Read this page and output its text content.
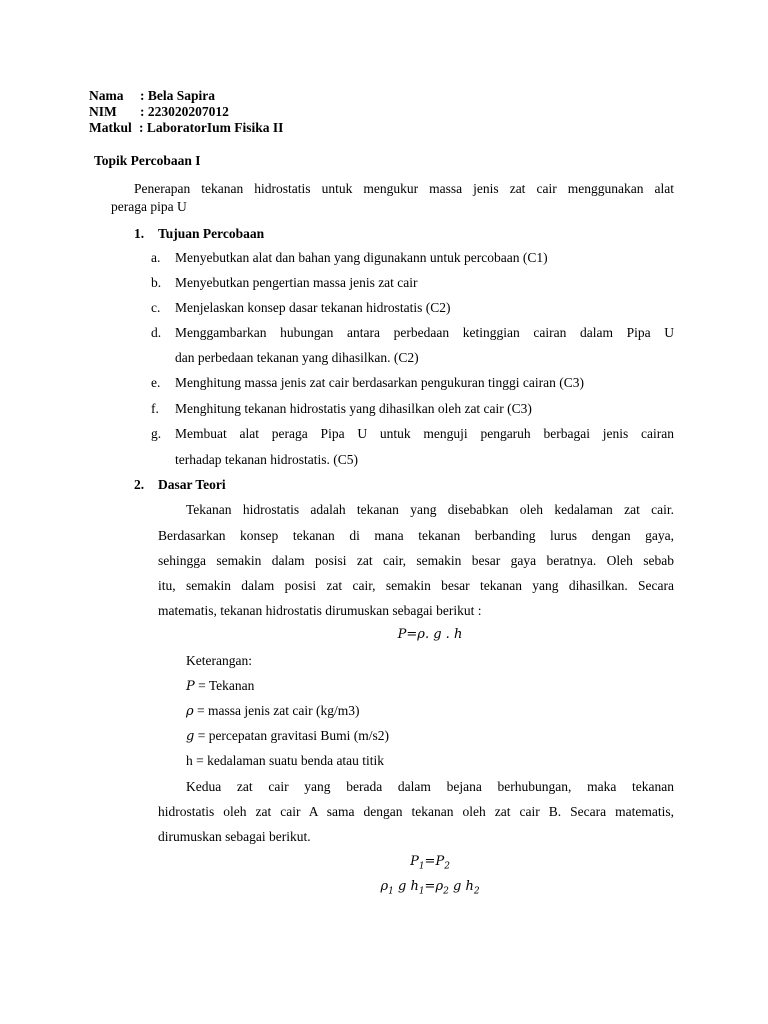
Nama : Bela Sapira
NIM : 223020207012
Matkul : LaboratorIum Fisika II
Topik Percobaan I
Penerapan tekanan hidrostatis untuk mengukur massa jenis zat cair menggunakan alat
peraga pipa U
1. Tujuan Percobaan
a. Menyebutkan alat dan bahan yang digunakann untuk percobaan (C1)
b. Menyebutkan pengertian massa jenis zat cair
c. Menjelaskan konsep dasar tekanan hidrostatis (C2)
d. Menggambarkan hubungan antara perbedaan ketinggian cairan dalam Pipa U
dan perbedaan tekanan yang dihasilkan. (C2)
e. Menghitung massa jenis zat cair berdasarkan pengukuran tinggi cairan (C3)
f. Menghitung tekanan hidrostatis yang dihasilkan oleh zat cair (C3)
g. Membuat alat peraga Pipa U untuk menguji pengaruh berbagai jenis cairan
terhadap tekanan hidrostatis. (C5)
2. Dasar Teori
Tekanan hidrostatis adalah tekanan yang disebabkan oleh kedalaman zat cair.
Berdasarkan konsep tekanan di mana tekanan berbanding lurus dengan gaya,
sehingga semakin dalam posisi zat cair, semakin besar gaya beratnya. Oleh sebab
itu, semakin dalam posisi zat cair, semakin besar tekanan yang dihasilkan. Secara
matematis, tekanan hidrostatis dirumuskan sebagai berikut :
P=ρ. g . h
Keterangan:
P = Tekanan
ρ = massa jenis zat cair (kg/m3)
g = percepatan gravitasi Bumi (m/s2)
h = kedalaman suatu benda atau titik
Kedua zat cair yang berada dalam bejana berhubungan, maka tekanan
hidrostatis oleh zat cair A sama dengan tekanan oleh zat cair B. Secara matematis,
dirumuskan sebagai berikut.
$P_1=P_2$
$\rho_1$ g $h_1=\rho_2$ g $h_2$
